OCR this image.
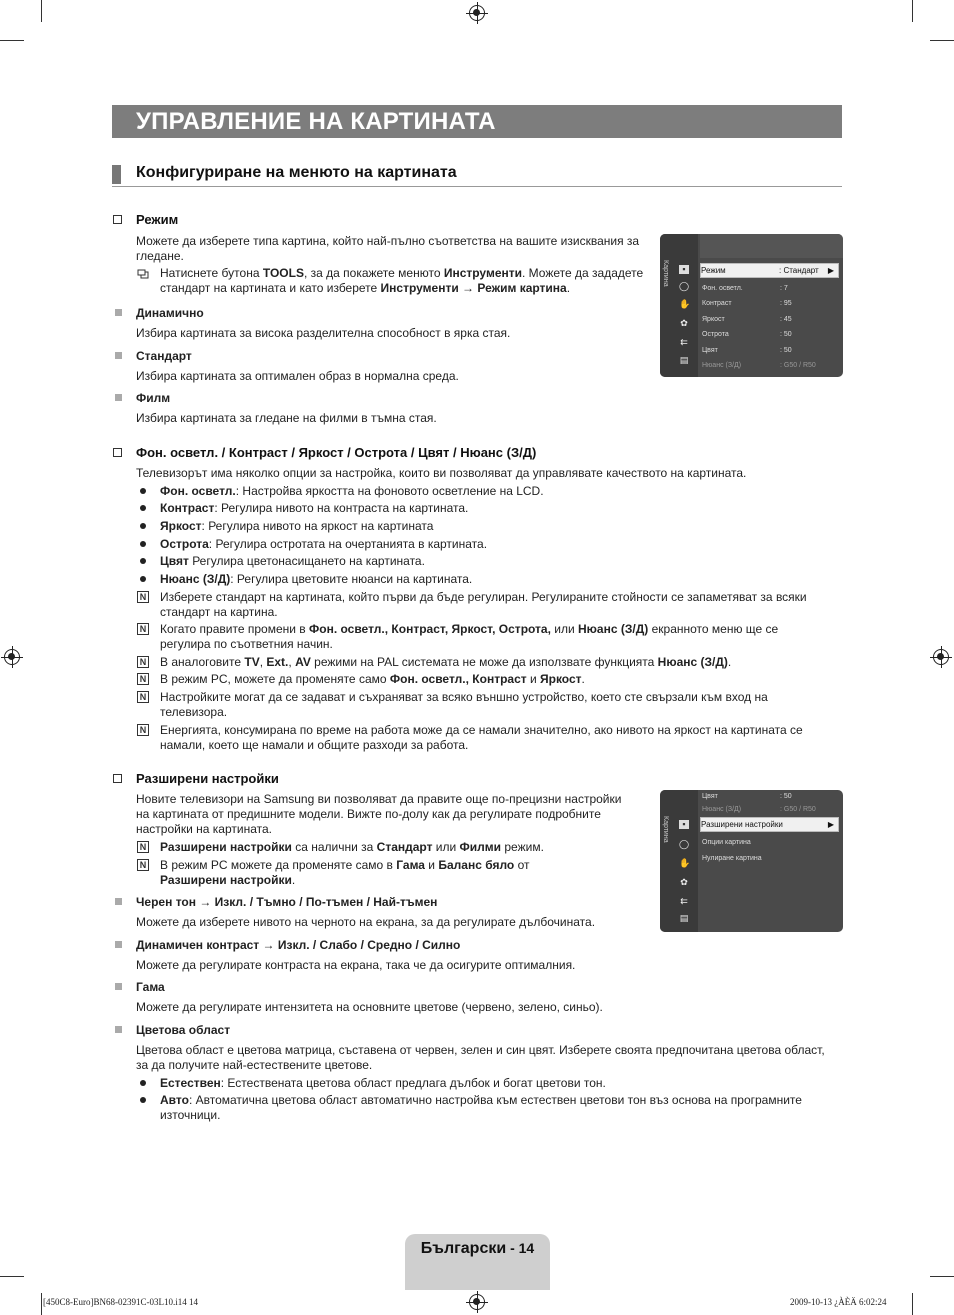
УПРАВЛЕНИЕ НА КАРТИНАТА
Конфигуриране на менюто на картината
Режим
Можете да изберете типа картина, който най-пълно съответства на вашите изисквания за гледане.
Натиснете бутона TOOLS, за да покажете менюто Инструменти. Можете да зададете
стандарт на картината и като изберете Инструменти → Режим картина.
Динамично
Избира картината за висока разделителна способност в ярка стая.
Стандарт
Избира картината за оптимален образ в нормална среда.
Филм
Избира картината за гледане на филми в тъмна стая.
Картина	▪
◯
✋
✿
⇇
▤
Режим	: Стандарт ▶
Фон. осветл.	: 7
Контраст	: 95
Яркост	: 45
Острота	: 50
Цвят	: 50
Нюанс (З/Д)	: G50 / R50
Фон. осветл. / Контраст / Яркост / Острота / Цвят / Нюанс (З/Д)
Телевизорът има няколко опции за настройка, които ви позволяват да управлявате качеството на картината.
Фон. осветл.: Настройва яркостта на фоновото осветление на LCD.
Контраст: Регулира нивото на контраста на картината.
Яркост: Регулира нивото на яркост на картината
Острота: Регулира остротата на очертанията в картината.
Цвят Регулира цветонасищането на картината.
Нюанс (З/Д): Регулира цветовите нюанси на картината.
N Изберете стандарт на картината, който първи да бъде регулиран. Регулираните стойности се запаметяват за всяки
стандарт на картина.
N Когато правите промени в Фон. осветл., Контраст, Яркост, Острота, или Нюанс (З/Д) екранното меню ще се
регулира по съответния начин.
N В аналоговите TV, Ext., AV режими на PAL системата не може да използвате функцията Нюанс (З/Д).
N В режим PC, можете да променяте само Фон. осветл., Контраст и Яркост.
N Настройките могат да се задават и съхраняват за всяко външно устройство, което сте свързали към вход на
телевизора.
N Енергията, консумирана по време на работа може да се намали значително, ако нивото на яркост на картината се
намали, което ще намали и общите разходи за работа.
Разширени настройки
Новите телевизори на Samsung ви позволяват да правите още по-прецизни настройки
на картината от предишните модели. Вижте по-долу как да регулирате подробните
настройки на картината.
N Разширени настройки са налични за Стандарт или Филми режим.
N В режим PC можете да променяте само в Гама и Баланс бяло от
Разширени настройки.
Черен тон → Изкл. / Тъмно / По-тъмен / Най-тъмен
Можете да изберете нивото на черното на екрана, за да регулирате дълбочината.
Динамичен контраст → Изкл. / Слабо / Средно / Силно
Можете да регулирате контраста на екрана, така че да осигурите оптималния.
Гама
Можете да регулирате интензитета на основните цветове (червено, зелено, синьо).
Цветова област
Цветова област е цветова матрица, съставена от червен, зелен и син цвят. Изберете своята предпочитана цветова област,
за да получите най-естествените цветове.
Естествен: Естествената цветова област предлага дълбок и богат цветови тон.
Авто: Автоматична цветова област автоматично настройва към естествен цветови тон въз основа на програмните
източници.
Картина	▪
◯
✋
✿
⇇
▤
Цвят	: 50
Нюанс (З/Д)	: G50 / R50
Разширени настройки	▶
Опции картина
Нулиране картина
Български - 14
[450C8-Euro]BN68-02391C-03L10.i14 14	2009-10-13 ¿ÀÈÄ 6:02:24
